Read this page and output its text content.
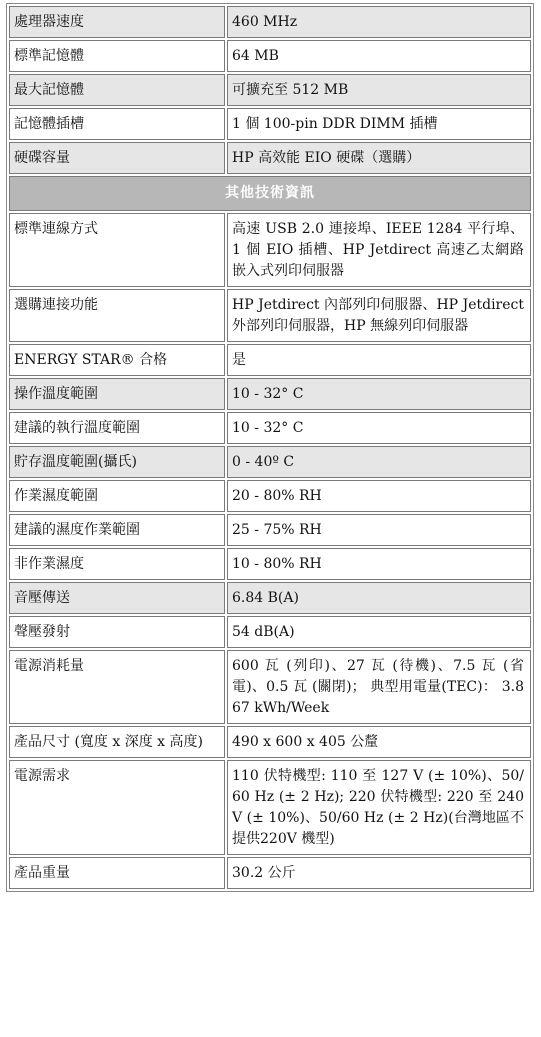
處理器速度	460 MHz
標準記憶體	64 MB
最大記憶體	可擴充至 512 MB
記憶體插槽	1 個 100-pin DDR DIMM 插槽
硬碟容量	HP 高效能 EIO 硬碟（選購）
其他技術資訊	
標準連線方式	高速 USB 2.0 連接埠、IEEE 1284 平行埠、1 個 EIO 插槽、HP Jetdirect 高速乙太網路嵌入式列印伺服器
選購連接功能	HP Jetdirect 內部列印伺服器、HP Jetdirect 外部列印伺服器，HP 無線列印伺服器
ENERGY STAR® 合格	是
操作溫度範圍	10 - 32° C
建議的執行溫度範圍	10 - 32° C
貯存溫度範圍(攝氏)	0 - 40º C
作業濕度範圍	20 - 80% RH
建議的濕度作業範圍	25 - 75% RH
非作業濕度	10 - 80% RH
音壓傳送	6.84 B(A)
聲壓發射	54 dB(A)
電源消耗量	600 瓦 (列印)、27 瓦 (待機)、7.5 瓦 (省電)、0.5 瓦 (關閉)； 典型用電量(TEC)： 3.867 kWh/Week
產品尺寸 (寬度 x 深度 x 高度)	490 x 600 x 405 公釐
電源需求	110 伏特機型: 110 至 127 V (± 10%)、50/60 Hz (± 2 Hz); 220 伏特機型: 220 至 240 V (± 10%)、50/60 Hz (± 2 Hz)(台灣地區不提供220V 機型)
產品重量	30.2 公斤
